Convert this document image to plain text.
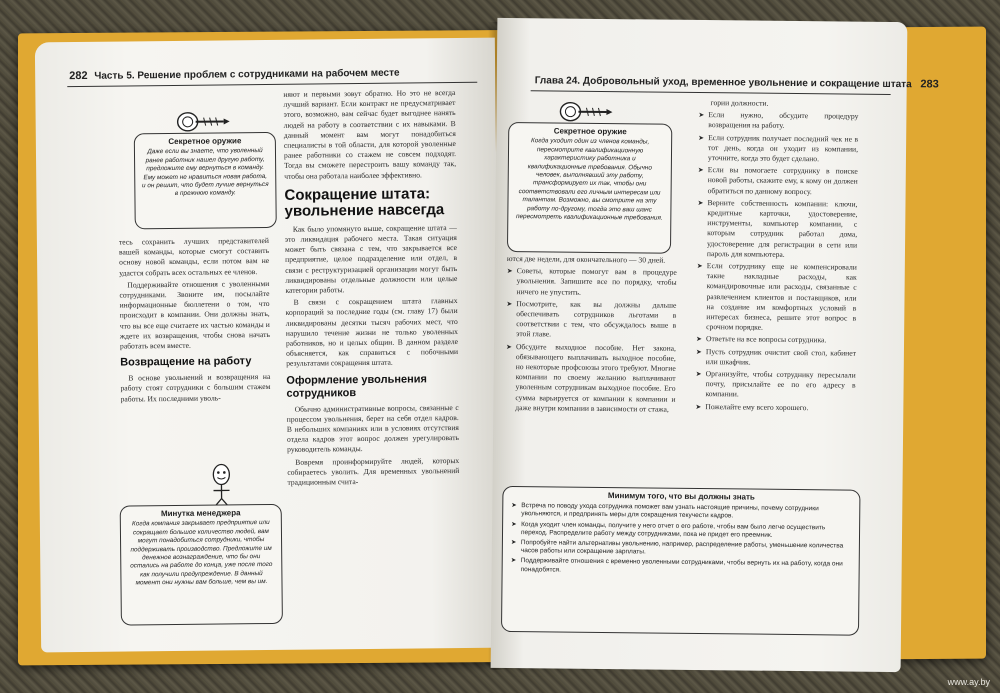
282 Часть 5. Решение проблем с сотрудниками на рабочем месте
Секретное оружие
Даже если вы знаете, что уволенный ранее работник нашел другую работу, предложите ему вернуться в команду. Ему может не нравиться новая работа, и он решит, что будет лучше вернуться в прежнюю команду.

тесь сохранить лучших представителей вашей команды, которые смогут составить основу новой команды, если потом вам не удастся собрать всех остальных ее членов.

Поддерживайте отношения с уволенными сотрудниками. Звоните им, посылайте информационные бюллетени о том, что происходит в компании. Они должны знать, что вы все еще считаете их частью команды и ждете их возвращения, чтобы снова начать работать всем вместе.

Возвращение на работу

В основе увольнений и возвращения на работу стоят сотрудники с большим стажем работы. Их последними уволь-

Минутка менеджера
Когда компания закрывает предприятие или сокращает большое количество людей, вам могут понадобиться сотрудники, чтобы поддерживать производство. Предложите им денежное вознаграждение, что бы они остались на работе до конца, уже после того как получили предупреждение. В данный момент они нужны вам больше, чем вы им.

няют и первыми зовут обратно. Но это не всегда лучший вариант. Если контракт не предусматривает этого, возможно, вам сейчас будет выгоднее нанять людей на работу в соответствии с их навыками. В данный момент вам могут понадобиться специалисты в той области, для которой уволенные ранее работники со стажем не совсем подходят. Тогда вы сможете перестроить вашу команду так, чтобы она работала наиболее эффективно.

Сокращение штата: увольнение навсегда

Как было упомянуто выше, сокращение штата — это ликвидация рабочего места. Такая ситуация может быть связана с тем, что закрывается все предприятие, целое подразделение или отдел, в связи с реструктуризацией организации могут быть ликвидированы отдельные должности или целые категории работы.

В связи с сокращением штата главных корпораций за последние годы (см. главу 17) были ликвидированы десятки тысяч рабочих мест, что нарушило течение жизни не только уволенных работников, но и целых общин. В данном разделе объясняется, как справиться с побочными результатами сокращения штата.

Оформление увольнения сотрудников

Обычно административные вопросы, связанные с процессом увольнения, берет на себя отдел кадров. В небольших компаниях или в условиях отсутствия отдела кадров этот вопрос должен урегулировать руководитель команды.

Вовремя проинформируйте людей, которых собираетесь уволить. Для временных увольнений традиционным счита-

Глава 24. Добровольный уход, временное увольнение и сокращение штата 283
Секретное оружие
Когда уходит один из членов команды, пересмотрите квалификационную характеристику работника и квалификационные требования. Обычно человек, выполнявший эту работу, трансформирует их так, чтобы они соответствовали его личным интересам или талантам. Возможно, вы смотрите на эту работу по-другому, тогда это ваш шанс пересмотреть квалификационные требования.

ются две недели, для окончательного — 30 дней.

➤ Советы, которые помогут вам в процедуре увольнения. Запишите все по порядку, чтобы ничего не упустить.
➤ Посмотрите, как вы должны дальше обеспечивать сотрудников льготами в соответствии с тем, что обсуждалось выше в этой главе.
➤ Обсудите выходное пособие. Нет закона, обязывающего выплачивать выходное пособие, но некоторые профсоюзы этого требуют. Многие компании по своему желанию выплачивают уволенным сотрудникам выходное пособие. Его сумма варьируется от компании к компании и даже внутри компании в зависимости от стажа,

гории должности.

➤ Если нужно, обсудите процедуру возвращения на работу.
➤ Если сотрудник получает последний чек не в тот день, когда он уходит из компании, уточните, когда это будет сделано.
➤ Если вы помогаете сотруднику в поиске новой работы, скажите ему, к кому он должен обратиться по данному вопросу.
➤ Верните собственность компании: ключи, кредитные карточки, удостоверение, инструменты, компьютер компании, с которым сотрудник работал дома, удостоверение для регистрации в сети или пароль для компьютера.
➤ Если сотруднику еще не компенсировали такие накладные расходы, как командировочные или расходы, связанные с развлечением клиентов и поставщиков, или на создание им комфортных условий в интересах бизнеса, решите этот вопрос в срочном порядке.
➤ Ответьте на все вопросы сотрудника.
➤ Пусть сотрудник очистит свой стол, кабинет или шкафчик.
➤ Организуйте, чтобы сотруднику пересылали почту, присылайте ее по его адресу в компании.
➤ Пожелайте ему всего хорошего.
Минимум того, что вы должны знать
➤ Встреча по поводу ухода сотрудника поможет вам узнать настоящие причины, почему сотрудники увольняются, и предпринять меры для сокращения текучести кадров.
➤ Когда уходит член команды, получите у него отчет о его работе, чтобы вам было легче осуществить переход. Распределите работу между сотрудниками, пока не придет его преемник.
➤ Попробуйте найти альтернативы увольнению, например, распределение работы, уменьшение количества часов работы или сокращение зарплаты.
➤ Поддерживайте отношения с временно уволенными сотрудниками, чтобы вернуть их на работу, когда они понадобятся.
www.ay.by
